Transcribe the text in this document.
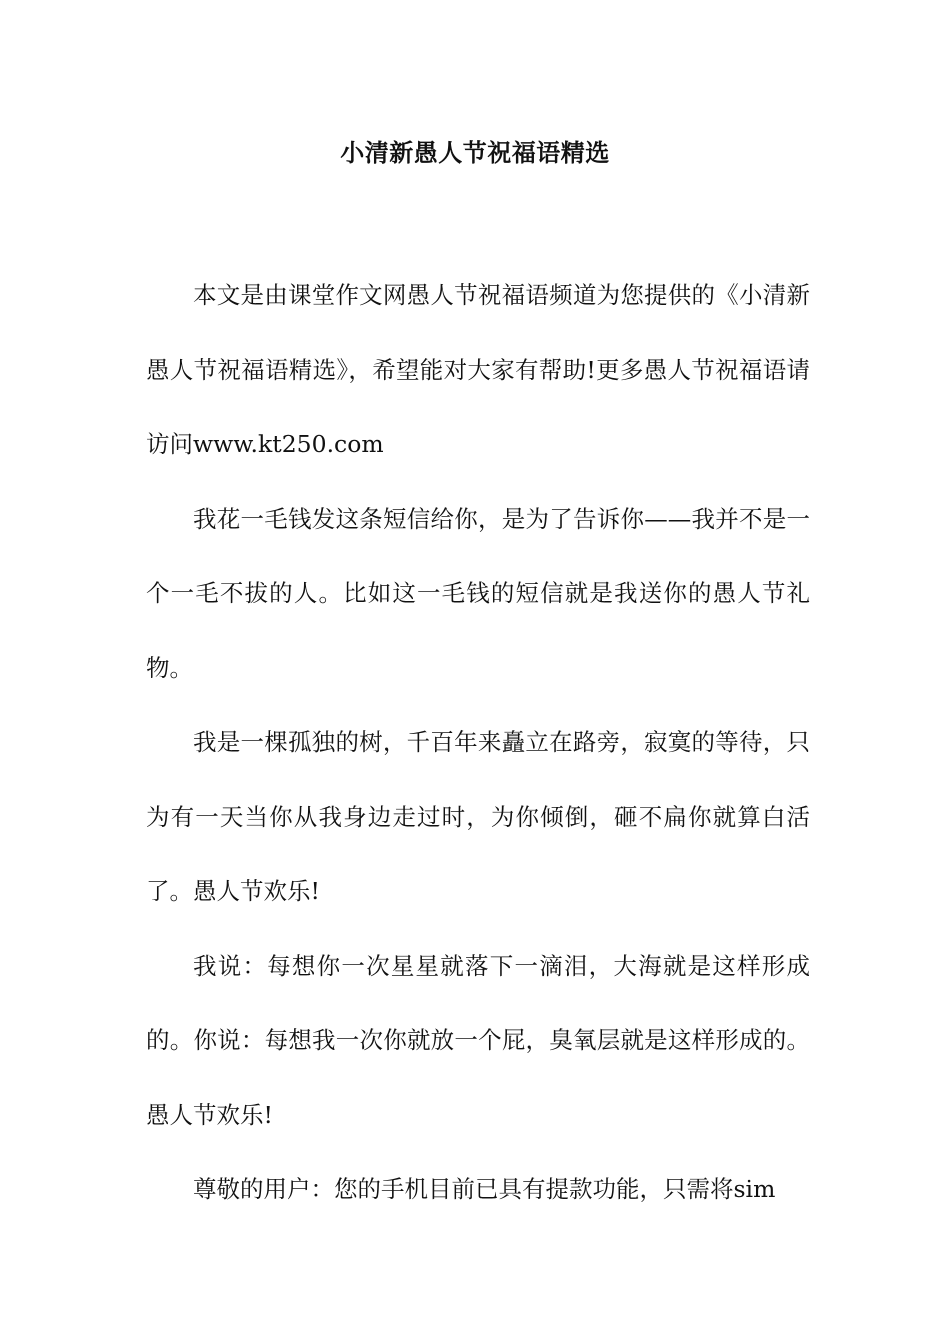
小清新愚人节祝福语精选

本文是由课堂作文网愚人节祝福语频道为您提供的《小清新愚人节祝福语精选》，希望能对大家有帮助!更多愚人节祝福语请访问www.kt250.com

我花一毛钱发这条短信给你，是为了告诉你——我并不是一个一毛不拔的人。比如这一毛钱的短信就是我送你的愚人节礼物。

我是一棵孤独的树，千百年来矗立在路旁，寂寞的等待，只为有一天当你从我身边走过时，为你倾倒，砸不扁你就算白活了。愚人节欢乐!

我说：每想你一次星星就落下一滴泪，大海就是这样形成的。你说：每想我一次你就放一个屁，臭氧层就是这样形成的。愚人节欢乐!

尊敬的用户：您的手机目前已具有提款功能，只需将sim
